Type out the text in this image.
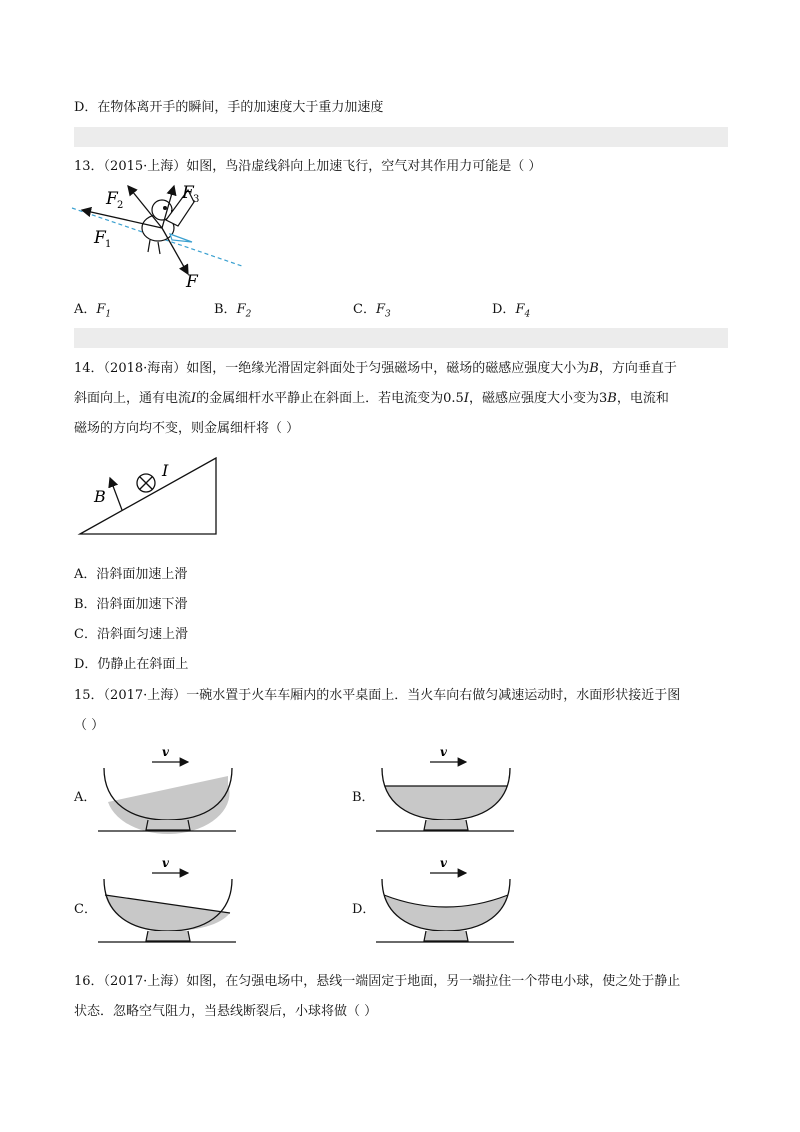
D．在物体离开手的瞬间，手的加速度大于重力加速度
13．（2015·上海）如图，鸟沿虚线斜向上加速飞行，空气对其作用力可能是（ ）
F 1
F 2
F 3
F
A．$F_1$	B．$F_2$	C．$F_3$	D．$F_4$
14．（2018·海南）如图，一绝缘光滑固定斜面处于匀强磁场中，磁场的磁感应强度大小为B，方向垂直于
斜面向上，通有电流I的金属细杆水平静止在斜面上．若电流变为0.5I，磁感应强度大小变为3B，电流和
磁场的方向均不变，则金属细杆将（ ）
B
I
A．沿斜面加速上滑
B．沿斜面加速下滑
C．沿斜面匀速上滑
D．仍静止在斜面上
15．（2017·上海）一碗水置于火车车厢内的水平桌面上．当火车向右做匀减速运动时，水面形状接近于图
（ ）
A．
v
B．
v
C．
v
D．
v
16．（2017·上海）如图，在匀强电场中，悬线一端固定于地面，另一端拉住一个带电小球，使之处于静止
状态．忽略空气阻力，当悬线断裂后，小球将做（ ）
